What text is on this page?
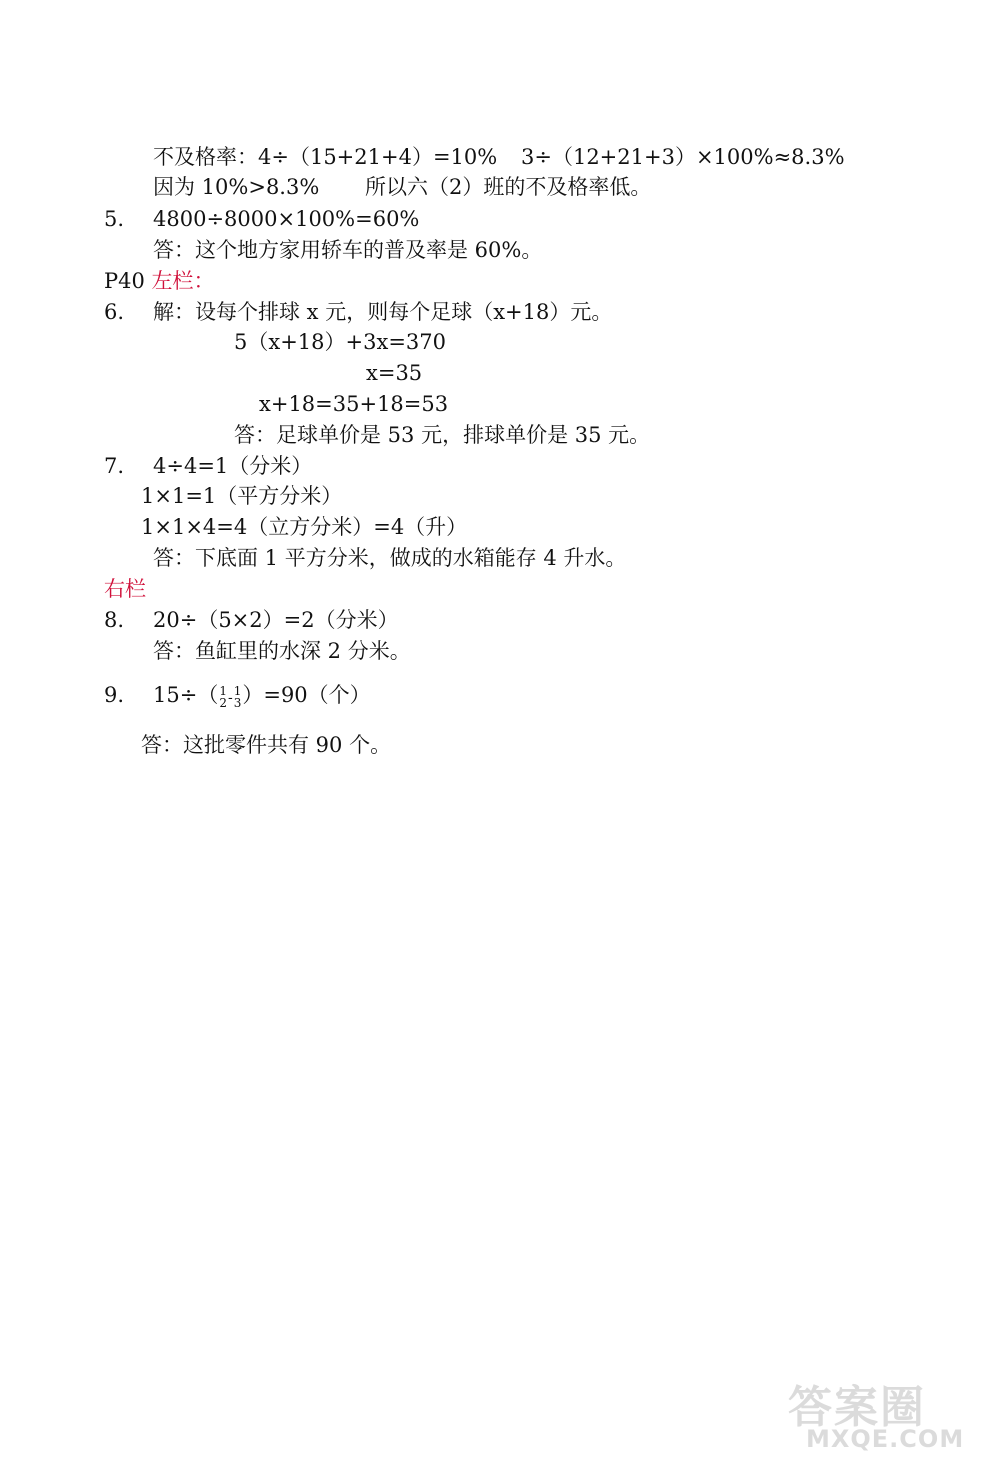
不及格率：4÷（15+21+4）=10% 3÷（12+21+3）×100%≈8.3%
因为 10%>8.3% 所以六（2）班的不及格率低。
5. 4800÷8000×100%=60%
答：这个地方家用轿车的普及率是 60%。
P40 左栏：
6. 解：设每个排球 x 元，则每个足球（x+18）元。
5（x+18）+3x=370
x=35
x+18=35+18=53
答：足球单价是 53 元，排球单价是 35 元。
7. 4÷4=1（分米）
1×1=1（平方分米）
1×1×4=4（立方分米）=4（升）
答：下底面 1 平方分米，做成的水箱能存 4 升水。
右栏
8. 20÷（5×2）=2（分米）
答：鱼缸里的水深 2 分米。
9. 15÷（ 1
2 - 1
3 ）=90（个）
答：这批零件共有 90 个。
答案圈
MXQE.COM
